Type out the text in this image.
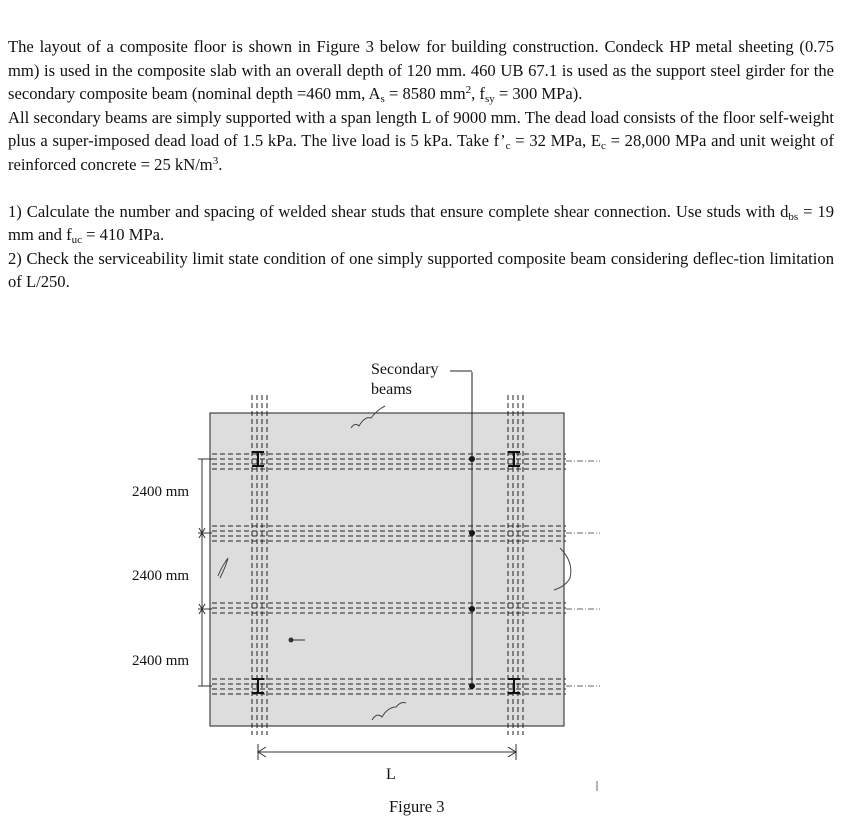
The layout of a composite floor is shown in Figure 3 below for building construction. Condeck HP metal sheeting (0.75 mm) is used in the composite slab with an overall depth of 120 mm. 460 UB 67.1 is used as the support steel girder for the secondary composite beam (nominal depth =460 mm, $A_s = 8580$ $mm^2$, $f_{sy} = 300$ MPa).

All secondary beams are simply supported with a span length L of 9000 mm. The dead load consists of the floor self-weight plus a super-imposed dead load of 1.5 kPa. The live load is 5 kPa. Take $f’_c = 32$ MPa, $E_c = 28,000$ MPa and unit weight of reinforced concrete = 25 $kN/m^3$.

1) Calculate the number and spacing of welded shear studs that ensure complete shear connection. Use studs with $d_{bs} = 19$ mm and $f_{uc} = 410$ MPa.

2) Check the serviceability limit state condition of one simply supported composite beam considering deflec-tion limitation of L/250.

2400 mm
2400 mm
2400 mm
L
Secondary
beams
Figure 3
